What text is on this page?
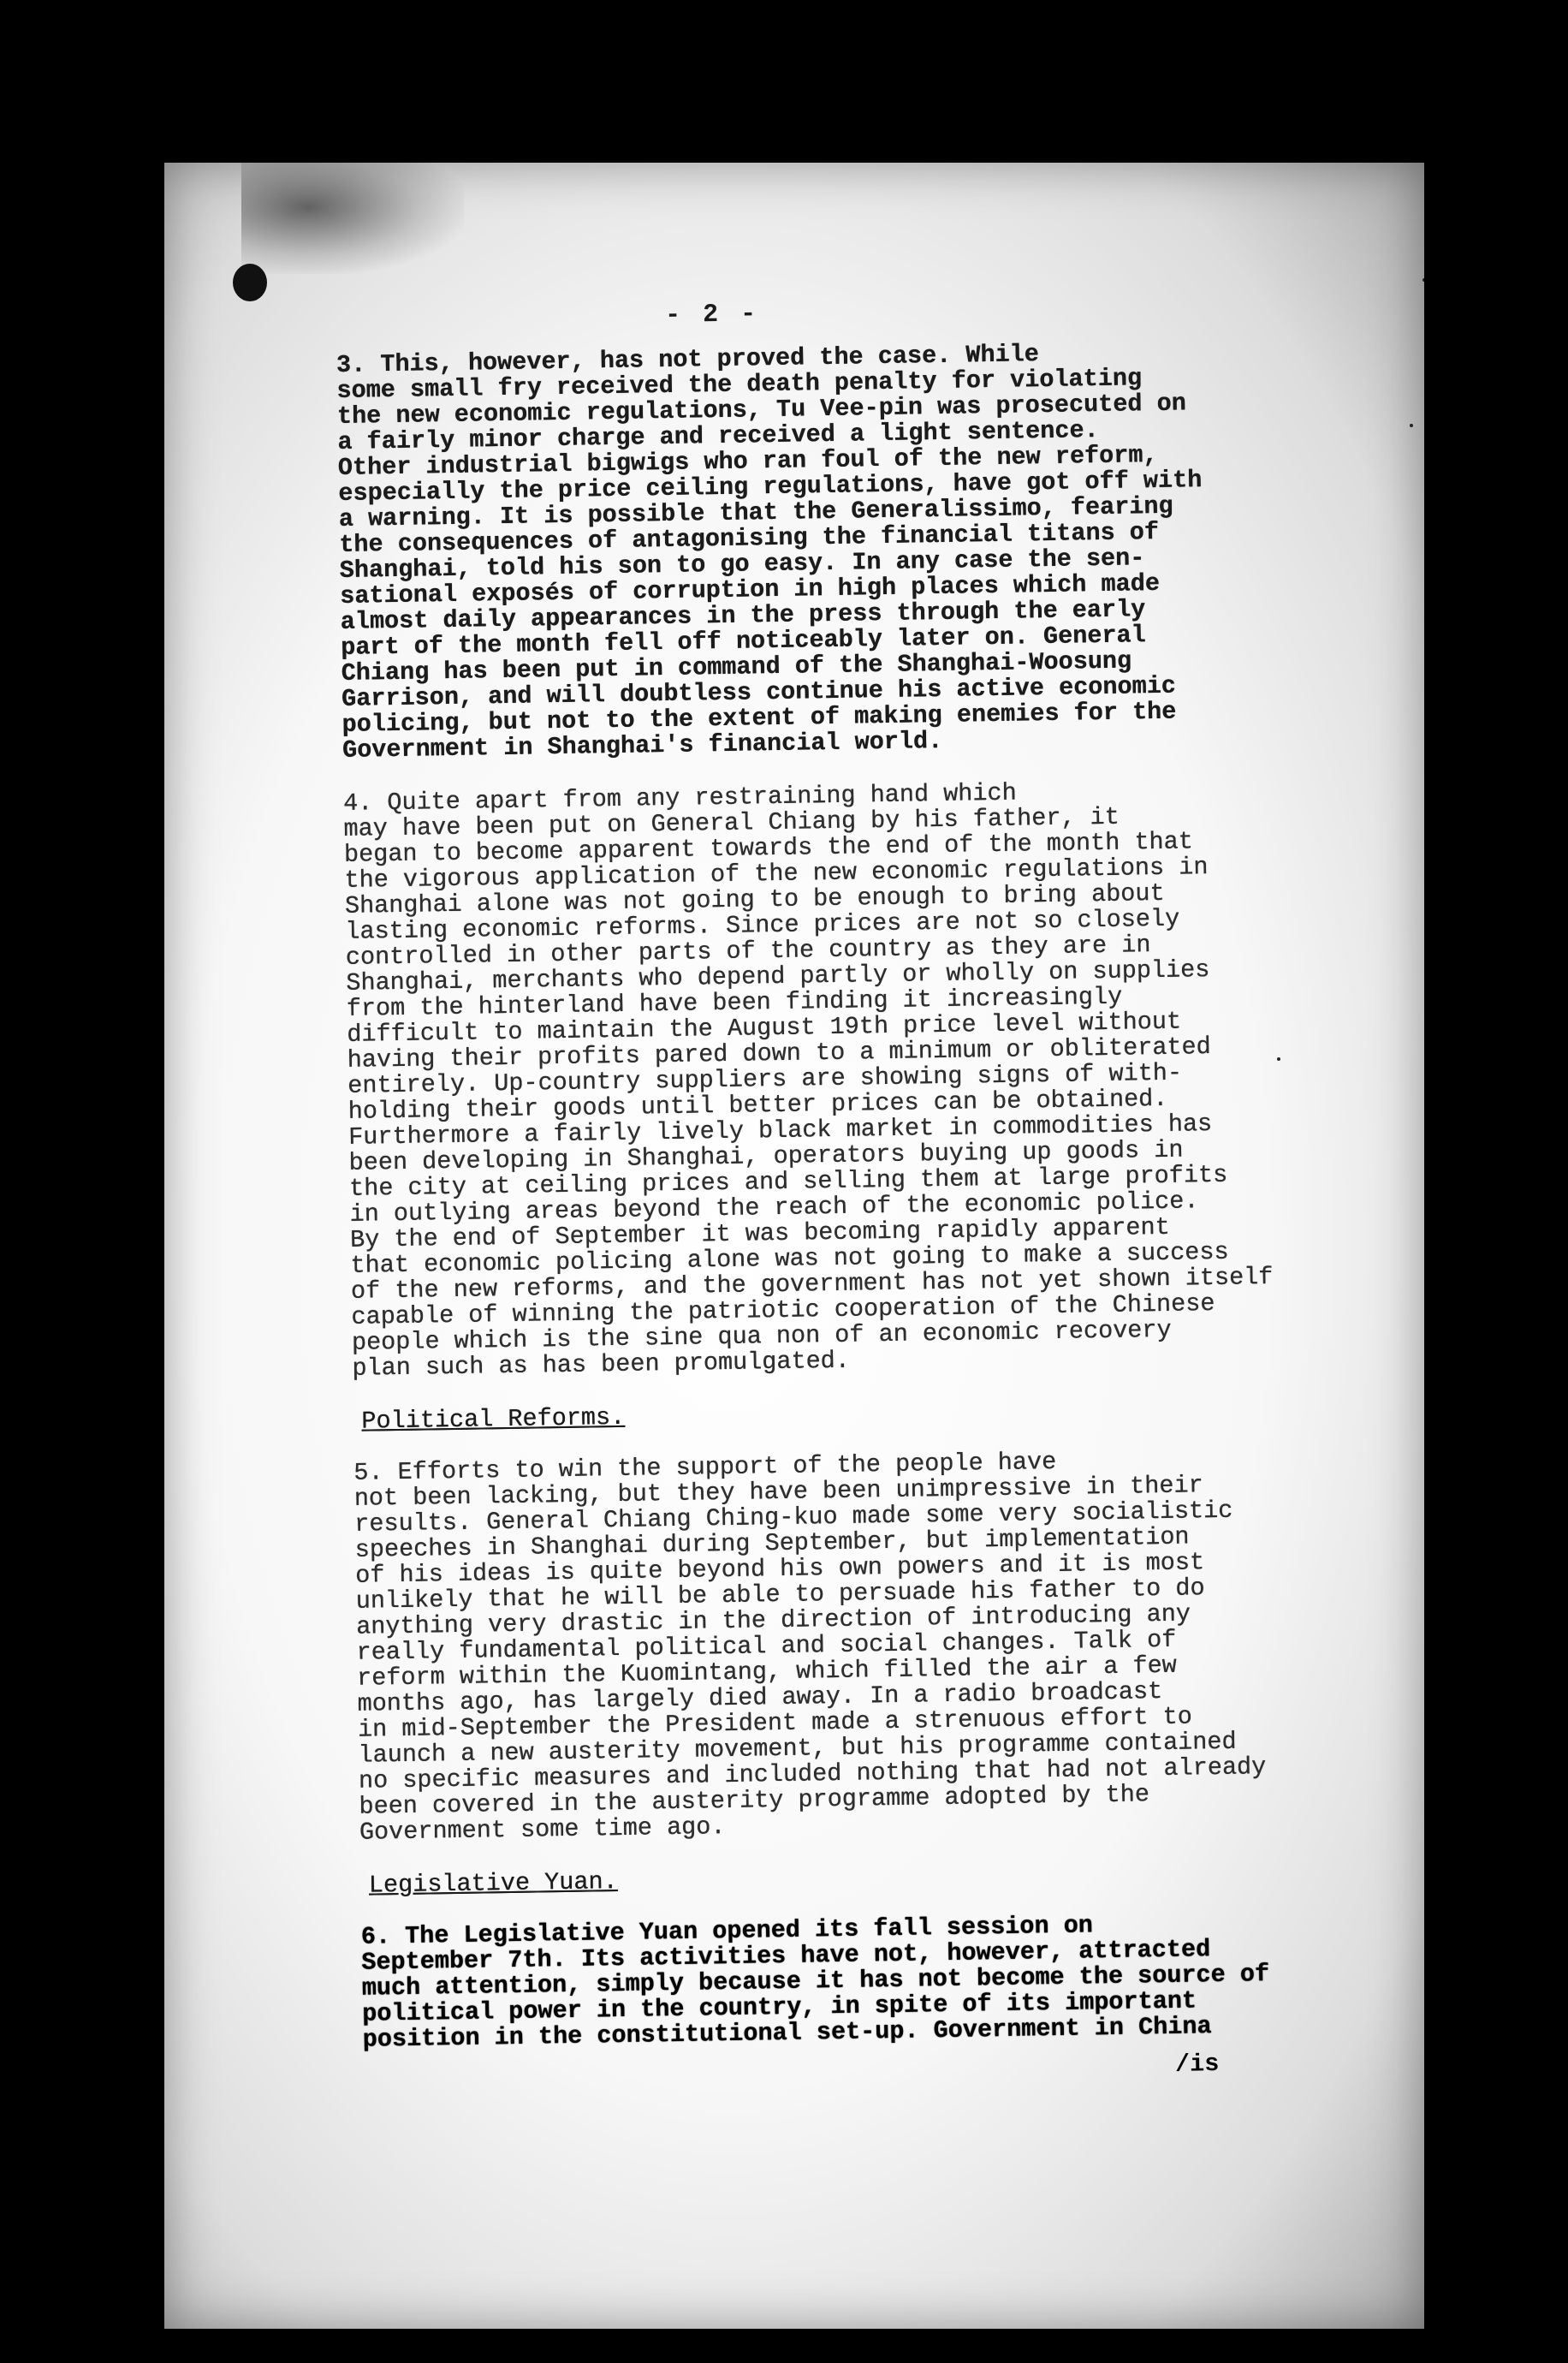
- 2 -
3. This, however, has not proved the case. While
some small fry received the death penalty for violating
the new economic regulations, Tu Vee-pin was prosecuted on
a fairly minor charge and received a light sentence.
Other industrial bigwigs who ran foul of the new reform,
especially the price ceiling regulations, have got off with
a warning. It is possible that the Generalissimo, fearing
the consequences of antagonising the financial titans of
Shanghai, told his son to go easy. In any case the sen-
sational exposés of corruption in high places which made
almost daily appearances in the press through the early
part of the month fell off noticeably later on. General
Chiang has been put in command of the Shanghai-Woosung
Garrison, and will doubtless continue his active economic
policing, but not to the extent of making enemies for the
Government in Shanghai's financial world.
4. Quite apart from any restraining hand which
may have been put on General Chiang by his father, it
began to become apparent towards the end of the month that
the vigorous application of the new economic regulations in
Shanghai alone was not going to be enough to bring about
lasting economic reforms. Since prices are not so closely
controlled in other parts of the country as they are in
Shanghai, merchants who depend partly or wholly on supplies
from the hinterland have been finding it increasingly
difficult to maintain the August 19th price level without
having their profits pared down to a minimum or obliterated
entirely. Up-country suppliers are showing signs of with-
holding their goods until better prices can be obtained.
Furthermore a fairly lively black market in commodities has
been developing in Shanghai, operators buying up goods in
the city at ceiling prices and selling them at large profits
in outlying areas beyond the reach of the economic police.
By the end of September it was becoming rapidly apparent
that economic policing alone was not going to make a success
of the new reforms, and the government has not yet shown itself
capable of winning the patriotic cooperation of the Chinese
people which is the sine qua non of an economic recovery
plan such as has been promulgated.
Political Reforms.
5. Efforts to win the support of the people have
not been lacking, but they have been unimpressive in their
results. General Chiang Ching-kuo made some very socialistic
speeches in Shanghai during September, but implementation
of his ideas is quite beyond his own powers and it is most
unlikely that he will be able to persuade his father to do
anything very drastic in the direction of introducing any
really fundamental political and social changes. Talk of
reform within the Kuomintang, which filled the air a few
months ago, has largely died away. In a radio broadcast
in mid-September the President made a strenuous effort to
launch a new austerity movement, but his programme contained
no specific measures and included nothing that had not already
been covered in the austerity programme adopted by the
Government some time ago.
Legislative Yuan.
6. The Legislative Yuan opened its fall session on
September 7th. Its activities have not, however, attracted
much attention, simply because it has not become the source of
political power in the country, in spite of its important
position in the constitutional set-up. Government in China
/is
